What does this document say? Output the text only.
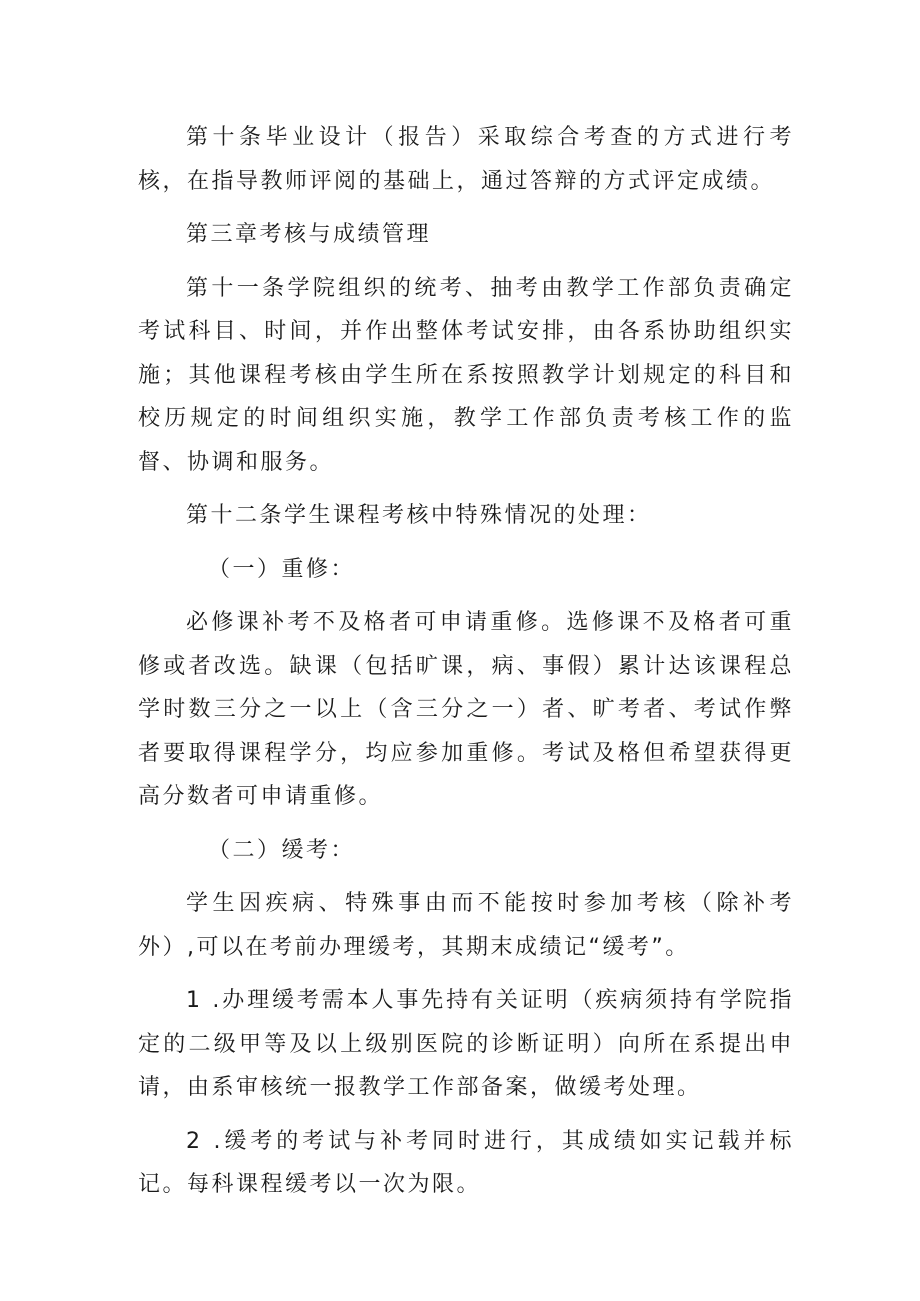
第十条毕业设计（报告）采取综合考查的方式进行考核，在指导教师评阅的基础上，通过答辩的方式评定成绩。

第三章考核与成绩管理

第十一条学院组织的统考、抽考由教学工作部负责确定考试科目、时间，并作出整体考试安排，由各系协助组织实施；其他课程考核由学生所在系按照教学计划规定的科目和校历规定的时间组织实施，教学工作部负责考核工作的监督、协调和服务。

第十二条学生课程考核中特殊情况的处理：

（一）重修：

必修课补考不及格者可申请重修。选修课不及格者可重修或者改选。缺课（包括旷课，病、事假）累计达该课程总学时数三分之一以上（含三分之一）者、旷考者、考试作弊者要取得课程学分，均应参加重修。考试及格但希望获得更高分数者可申请重修。

（二）缓考：

学生因疾病、特殊事由而不能按时参加考核（除补考外）,可以在考前办理缓考，其期末成绩记“缓考”。

1 .办理缓考需本人事先持有关证明（疾病须持有学院指定的二级甲等及以上级别医院的诊断证明）向所在系提出申请，由系审核统一报教学工作部备案，做缓考处理。

2 .缓考的考试与补考同时进行，其成绩如实记载并标记。每科课程缓考以一次为限。
